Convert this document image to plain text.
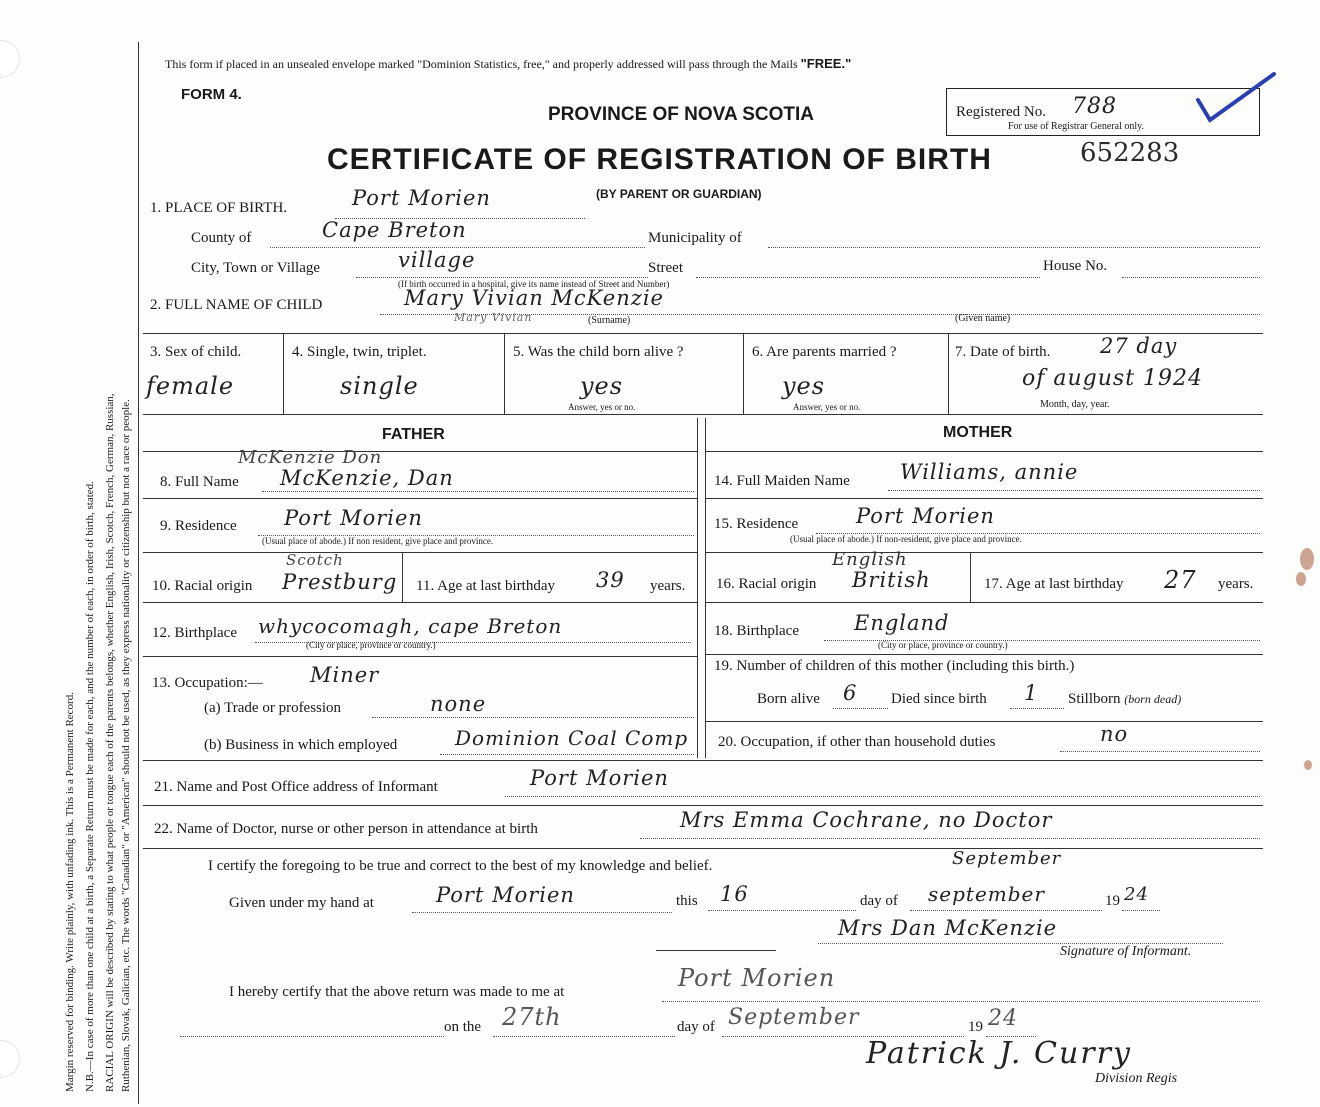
Margin reserved for binding. Write plainly, with unfading ink. This is a Permanent Record. N.B.—In case of more than one child at a birth, a Separate Return must be made for each, and the number of each, in order of birth, stated. RACIAL ORIGIN will be described by stating to what people or tongue each of the parents belongs, whether English, Irish, Scotch, French, German, Russian, Ruthenian, Slovak, Galician, etc. The words "Canadian" or "American" should not be used, as they express nationality or citizenship but not a race or people.
This form if placed in an unsealed envelope marked "Dominion Statistics, free," and properly addressed will pass through the Mails "FREE."
FORM 4.
PROVINCE OF NOVA SCOTIA
CERTIFICATE OF REGISTRATION OF BIRTH	652283
(BY PARENT OR GUARDIAN)
Registered No. 788
For use of Registrar General only.
1. PLACE OF BIRTH.	Port Morien
County of	Cape Breton	Municipality of
City, Town or Village	village
(If birth occurred in a hospital, give its name instead of Street and Number)
Street	House No.
2. FULL NAME OF CHILD	Mary Vivian McKenzie
Mary Vivian	(Surname)	(Given name)
3. Sex of child.
female
4. Single, twin, triplet.
single
5. Was the child born alive ?
yes
Answer, yes or no.
6. Are parents married ?
yes
Answer, yes or no.
7. Date of birth. 27 day
of august 1924
Month, day, year.
FATHER	MOTHER
8. Full Name
McKenzie Don
McKenzie, Dan
9. Residence Port Morien
(Usual place of abode.) If non resident, give place and province.
10. Racial origin
Scotch
Prestburg 11. Age at last birthday 39 years.
12. Birthplace whycocomagh, cape Breton
(City or place, province or country.)
13. Occupation:— Miner
(a) Trade or profession	none
(b) Business in which employed	Dominion Coal Comp
14. Full Maiden Name Williams, annie
15. Residence	Port Morien
(Usual place of abode.) If non-resident, give place and province.
16. Racial origin
English
British	17. Age at last birthday 27 years.
18. Birthplace	England
(City or place, province or country.)
19. Number of children of this mother (including this birth.)
Born alive 6 Died since birth 1 Stillborn (born dead)
20. Occupation, if other than household duties	no
21. Name and Post Office address of Informant	Port Morien
22. Name of Doctor, nurse or other person in attendance at birth	Mrs Emma Cochrane, no Doctor
I certify the foregoing to be true and correct to the best of my knowledge and belief.	September
Given under my hand at	Port Morien	this 16	day of september	19 24
Mrs Dan McKenzie
Signature of Informant.
I hereby certify that the above return was made to me at	Port Morien
on the 27th	day of September	19 24
Patrick J. Curry
Division Regis
